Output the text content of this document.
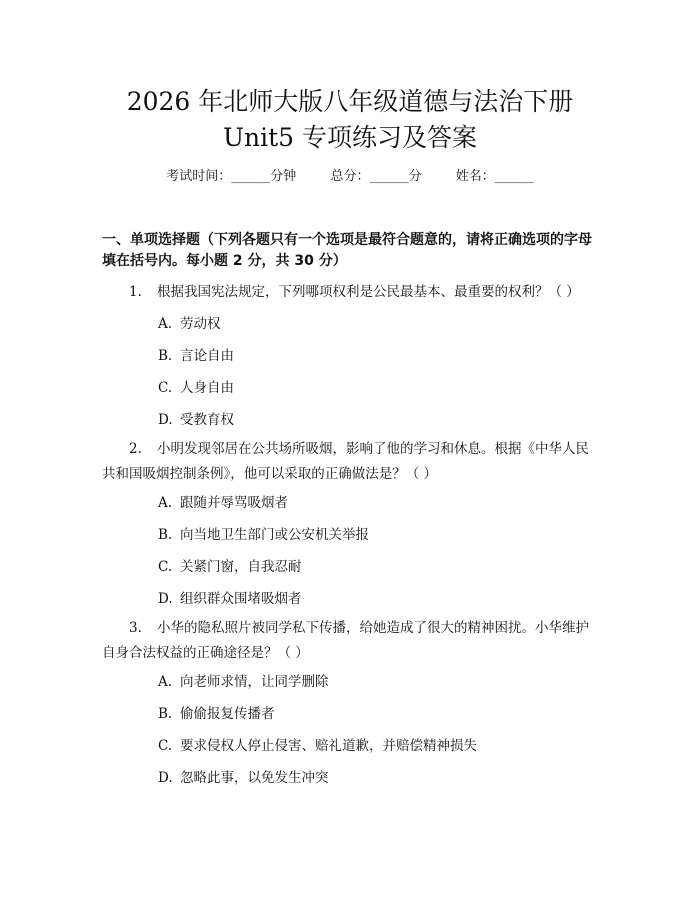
2026 年北师大版八年级道德与法治下册
Unit5 专项练习及答案
考试时间：______分钟	总分：______分	姓名：______
一、单项选择题（下列各题只有一个选项是最符合题意的，请将正确选项的字母填在括号内。每小题 2 分，共 30 分）
1. 根据我国宪法规定，下列哪项权利是公民最基本、最重要的权利？（ ）
A. 劳动权
B. 言论自由
C. 人身自由
D. 受教育权
2. 小明发现邻居在公共场所吸烟，影响了他的学习和休息。根据《中华人民共和国吸烟控制条例》，他可以采取的正确做法是？（ ）
A. 跟随并辱骂吸烟者
B. 向当地卫生部门或公安机关举报
C. 关紧门窗，自我忍耐
D. 组织群众围堵吸烟者
3. 小华的隐私照片被同学私下传播，给她造成了很大的精神困扰。小华维护自身合法权益的正确途径是？（ ）
A. 向老师求情，让同学删除
B. 偷偷报复传播者
C. 要求侵权人停止侵害、赔礼道歉，并赔偿精神损失
D. 忽略此事，以免发生冲突
